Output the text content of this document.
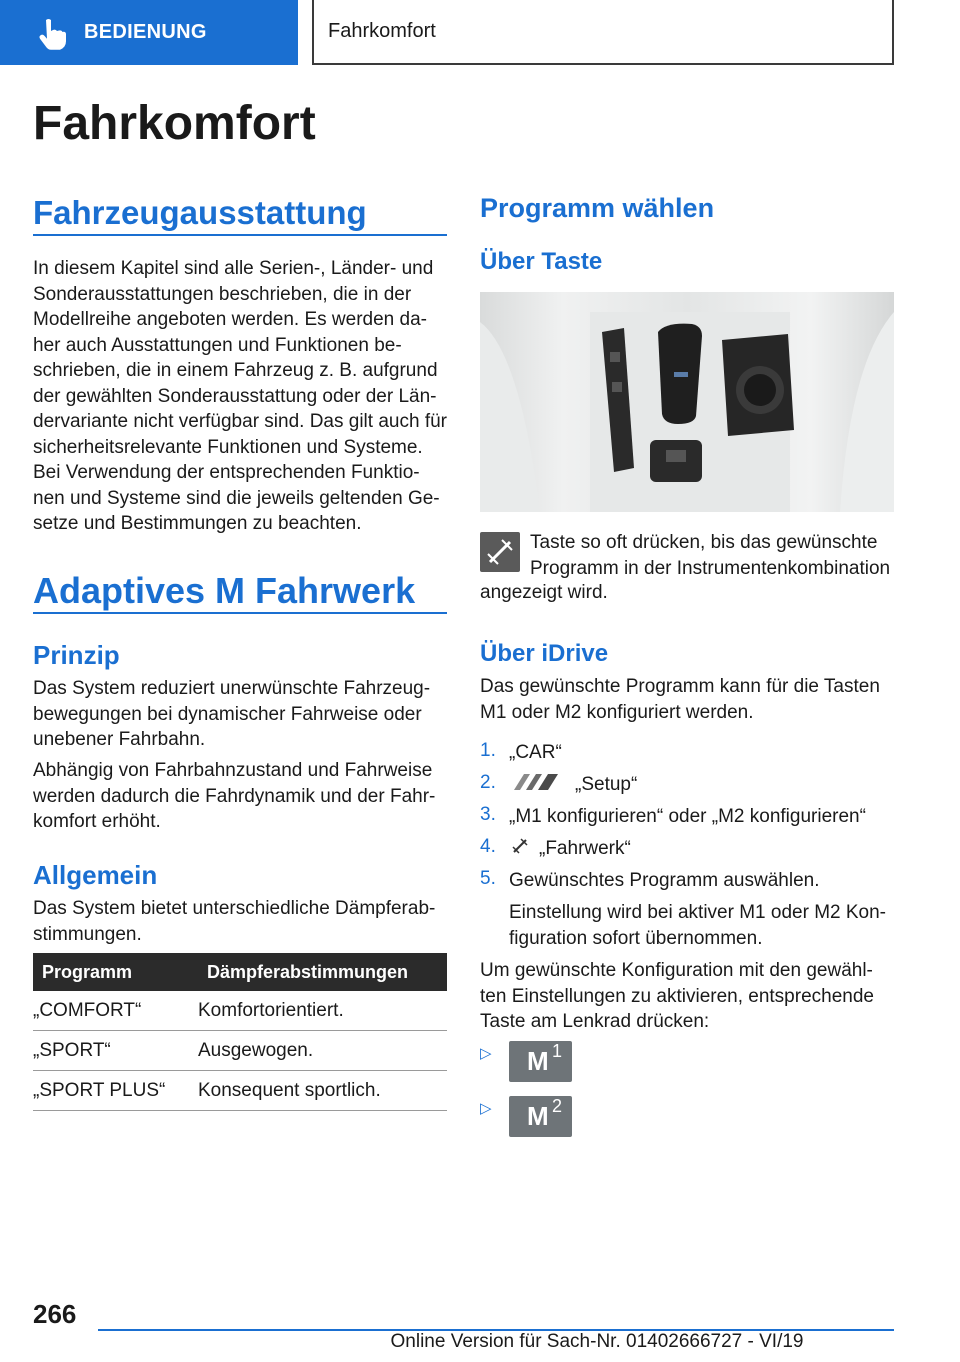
BEDIENUNG	Fahrkomfort
Fahrkomfort
Fahrzeugausstattung
In diesem Kapitel sind alle Serien-, Länder- und
Sonderausstattungen beschrieben, die in der
Modellreihe angeboten werden. Es werden da-
her auch Ausstattungen und Funktionen be-
schrieben, die in einem Fahrzeug z. B. aufgrund
der gewählten Sonderausstattung oder der Län-
dervariante nicht verfügbar sind. Das gilt auch für
sicherheitsrelevante Funktionen und Systeme.
Bei Verwendung der entsprechenden Funktio-
nen und Systeme sind die jeweils geltenden Ge-
setze und Bestimmungen zu beachten.
Adaptives M Fahrwerk
Prinzip
Das System reduziert unerwünschte Fahrzeug-
bewegungen bei dynamischer Fahrweise oder
unebener Fahrbahn.
Abhängig von Fahrbahnzustand und Fahrweise
werden dadurch die Fahrdynamik und der Fahr-
komfort erhöht.
Allgemein
Das System bietet unterschiedliche Dämpferab-
stimmungen.
Programm	Dämpferabstimmungen
„COMFORT“	Komfortorientiert.
„SPORT“	Ausgewogen.
„SPORT PLUS“	Konsequent sportlich.
Programm wählen
Über Taste
Taste so oft drücken, bis das gewünschte
Programm in der Instrumentenkombination
angezeigt wird.
Über iDrive
Das gewünschte Programm kann für die Tasten
M1 oder M2 konfiguriert werden.
1. „CAR“
2.	„Setup“
3. „M1 konfigurieren“ oder „M2 konfigurieren“
4. „Fahrwerk“
5. Gewünschtes Programm auswählen.
Einstellung wird bei aktiver M1 oder M2 Kon-
figuration sofort übernommen.
Um gewünschte Konfiguration mit den gewähl-
ten Einstellungen zu aktivieren, entsprechende
Taste am Lenkrad drücken:
▷ M 1
▷ M 2
266
Online Version für Sach-Nr. 01402666727 - VI/19
